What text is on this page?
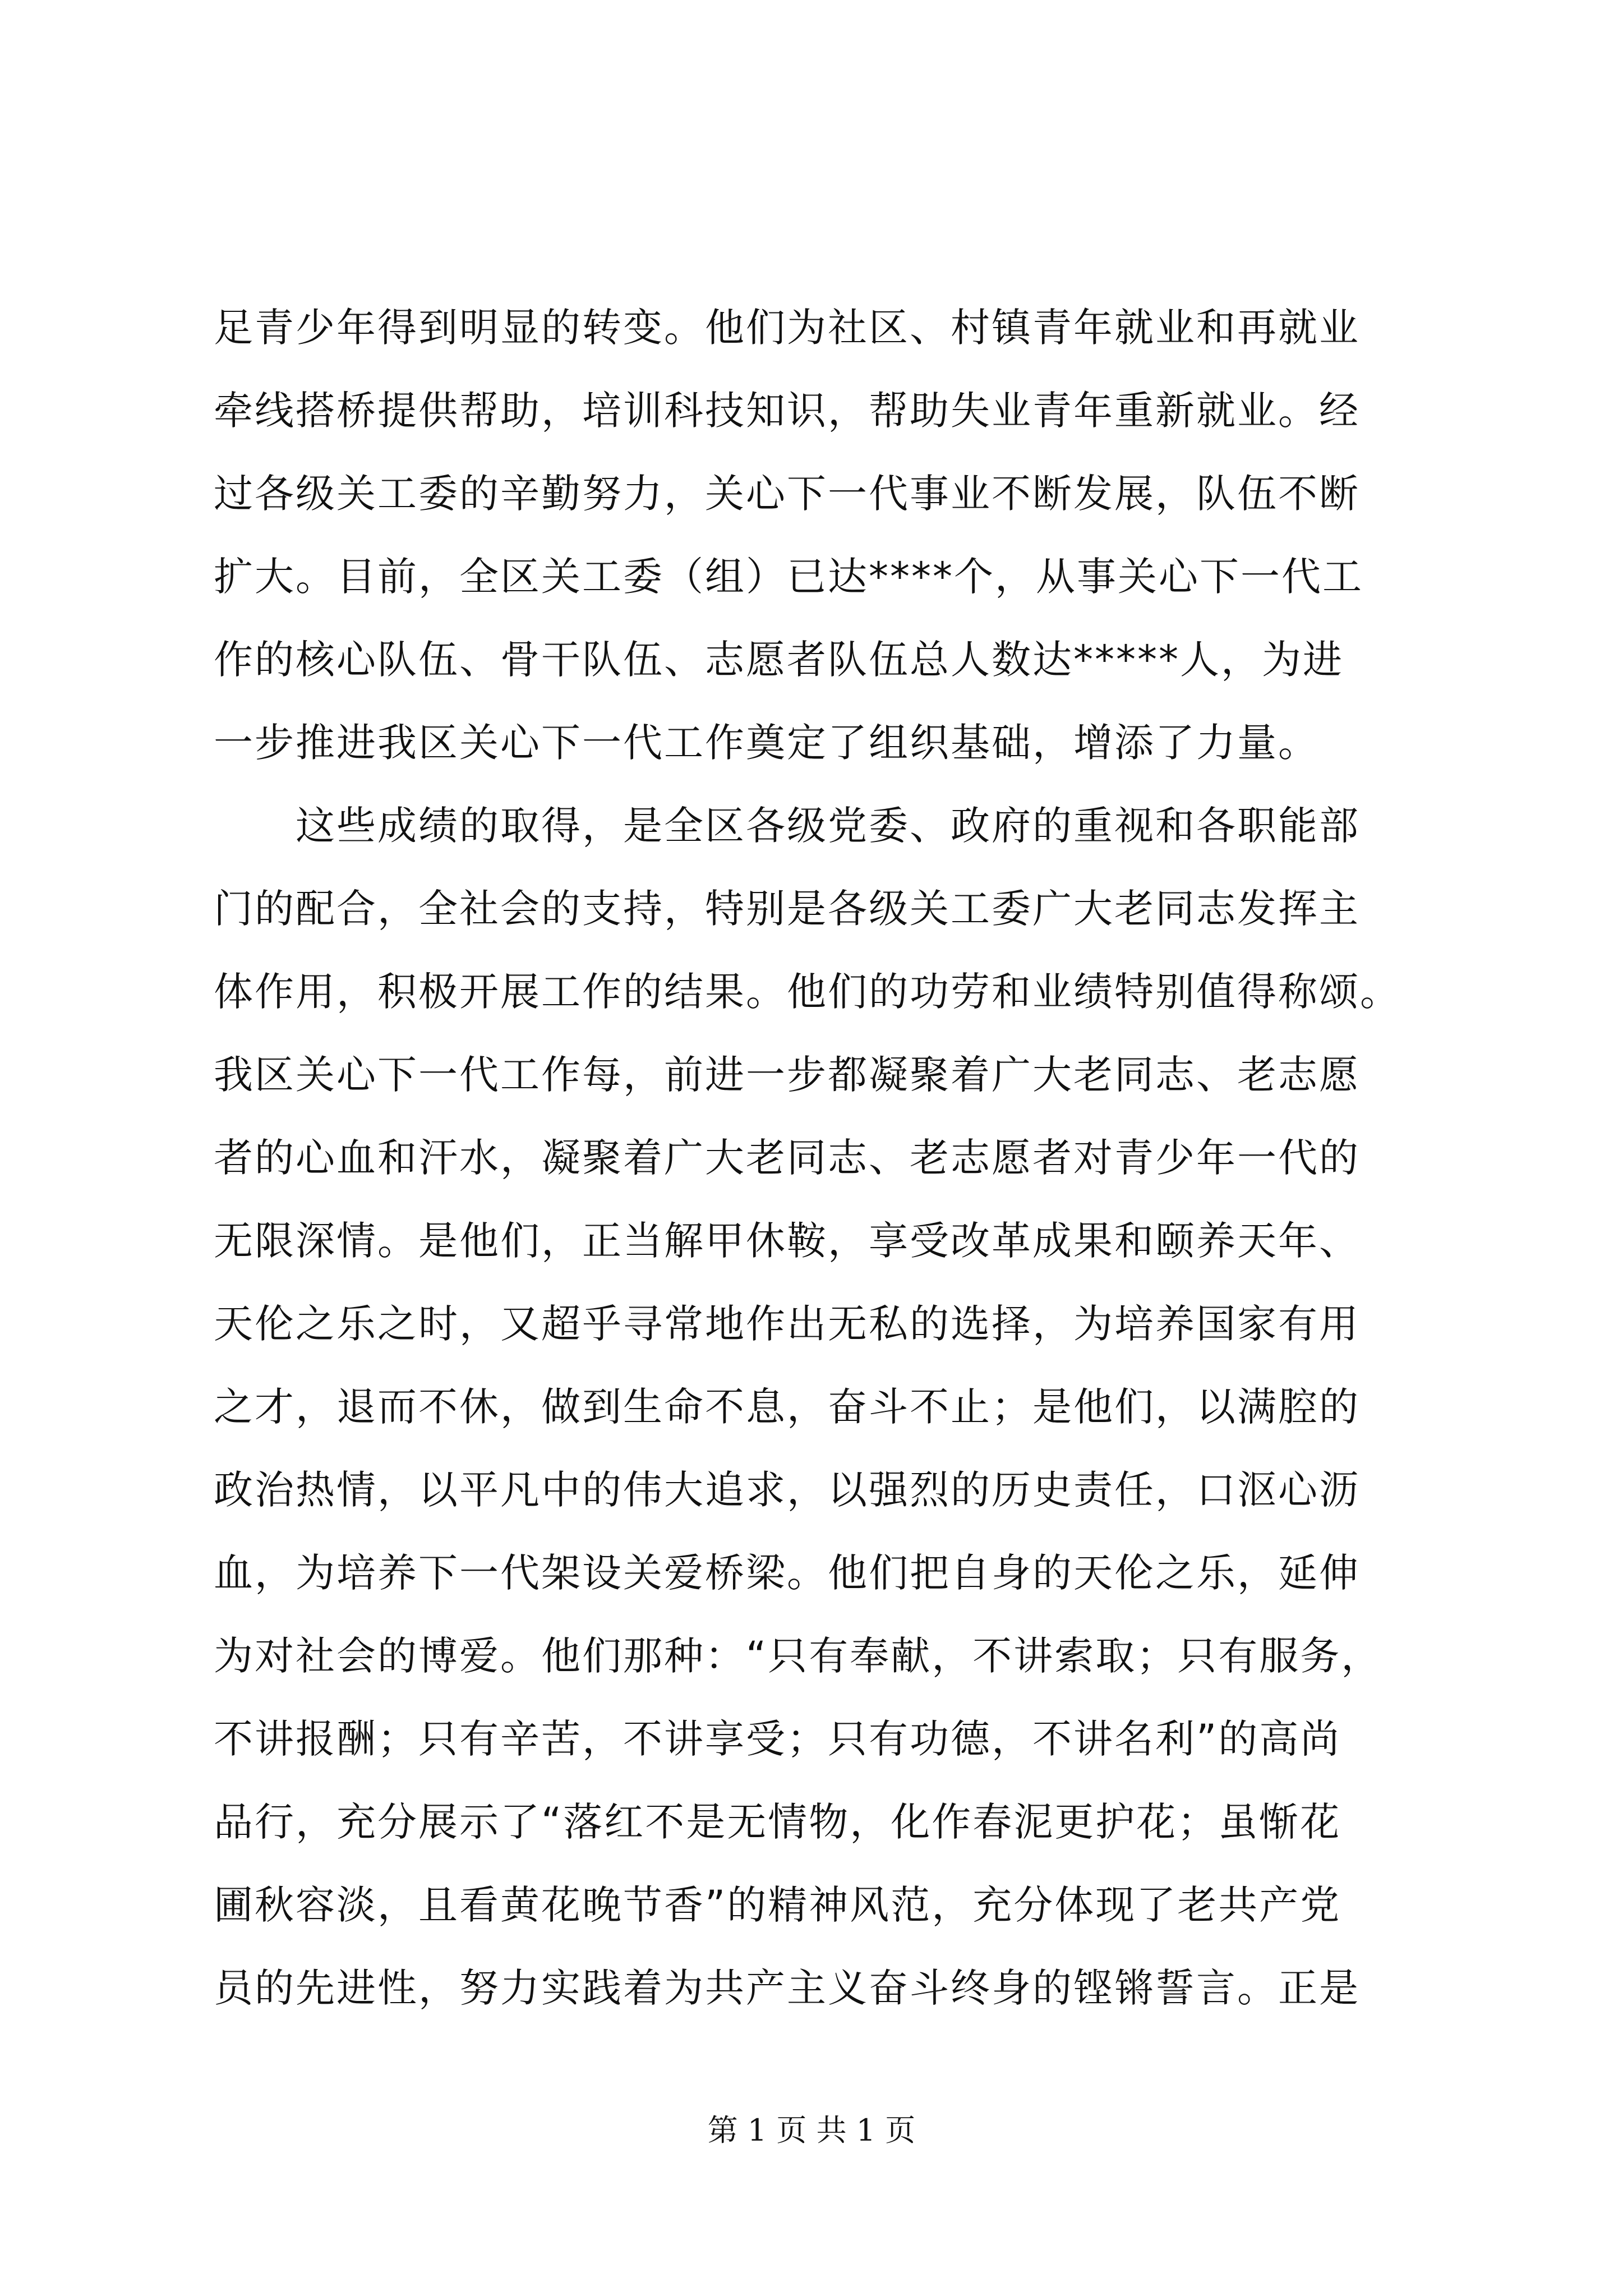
足青少年得到明显的转变。他们为社区、村镇青年就业和再就业
牵线搭桥提供帮助，培训科技知识，帮助失业青年重新就业。经
过各级关工委的辛勤努力，关心下一代事业不断发展，队伍不断
扩大。目前，全区关工委（组）已达****个，从事关心下一代工
作的核心队伍、骨干队伍、志愿者队伍总人数达*****人，为进
一步推进我区关心下一代工作奠定了组织基础，增添了力量。
　　这些成绩的取得，是全区各级党委、政府的重视和各职能部
门的配合，全社会的支持，特别是各级关工委广大老同志发挥主
体作用，积极开展工作的结果。他们的功劳和业绩特别值得称颂。
我区关心下一代工作每，前进一步都凝聚着广大老同志、老志愿
者的心血和汗水，凝聚着广大老同志、老志愿者对青少年一代的
无限深情。是他们，正当解甲休鞍，享受改革成果和颐养天年、
天伦之乐之时，又超乎寻常地作出无私的选择，为培养国家有用
之才，退而不休，做到生命不息，奋斗不止；是他们，以满腔的
政治热情，以平凡中的伟大追求，以强烈的历史责任，口沤心沥
血，为培养下一代架设关爱桥梁。他们把自身的天伦之乐，延伸
为对社会的博爱。他们那种：“只有奉献，不讲索取；只有服务，
不讲报酬；只有辛苦，不讲享受；只有功德，不讲名利”的高尚
品行，充分展示了“落红不是无情物，化作春泥更护花；虽惭花
圃秋容淡，且看黄花晚节香”的精神风范，充分体现了老共产党
员的先进性，努力实践着为共产主义奋斗终身的铿锵誓言。正是
第 1 页 共 1 页
